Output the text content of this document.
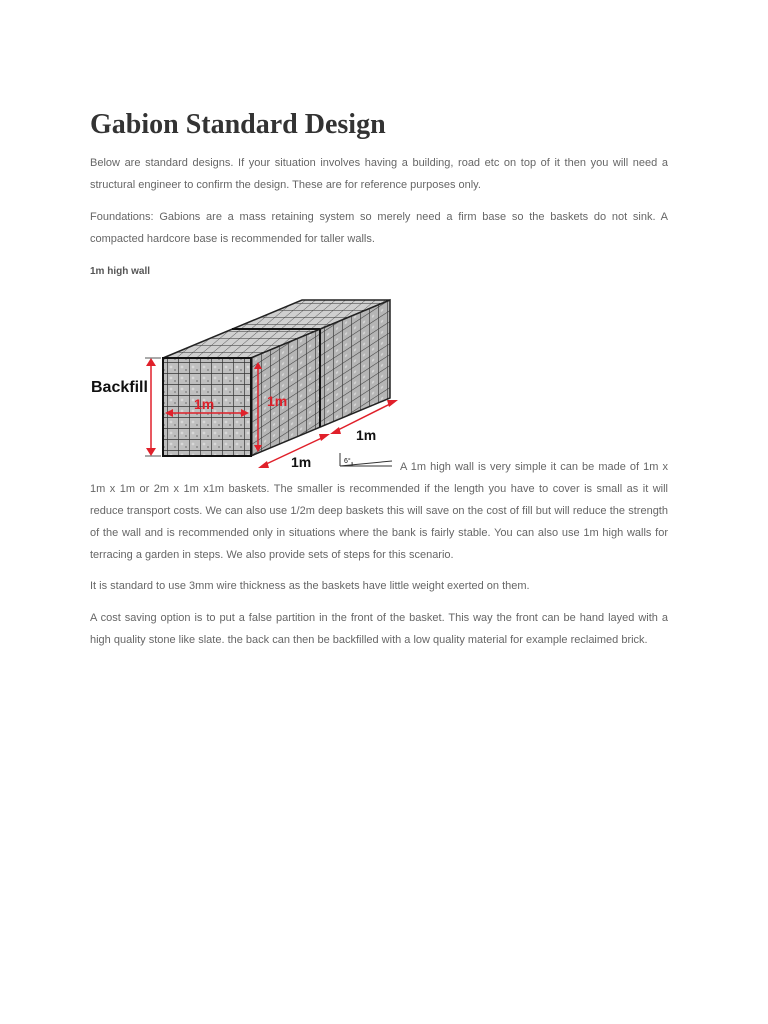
Gabion Standard Design

Below are standard designs. If your situation involves having a building, road etc on top of it then you will need a structural engineer to confirm the design. These are for reference purposes only.

Foundations: Gabions are a mass retaining system so merely need a firm base so the baskets do not sink. A compacted hardcore base is recommended for taller walls.

1m high wall

Backfill
1m	1m
1m
1m
6°	A 1m high wall is very simple it can be made of 1m x 1m x 1m or 2m x 1m x1m baskets. The smaller is recommended if the length you have to cover is small as it will reduce transport costs. We can also use 1/2m deep baskets this will save on the cost of fill but will reduce the strength of the wall and is recommended only in situations where the bank is fairly stable. You can also use 1m high walls for terracing a garden in steps. We also provide sets of steps for this scenario.

It is standard to use 3mm wire thickness as the baskets have little weight exerted on them.

A cost saving option is to put a false partition in the front of the basket. This way the front can be hand layed with a high quality stone like slate. the back can then be backfilled with a low quality material for example reclaimed brick.
